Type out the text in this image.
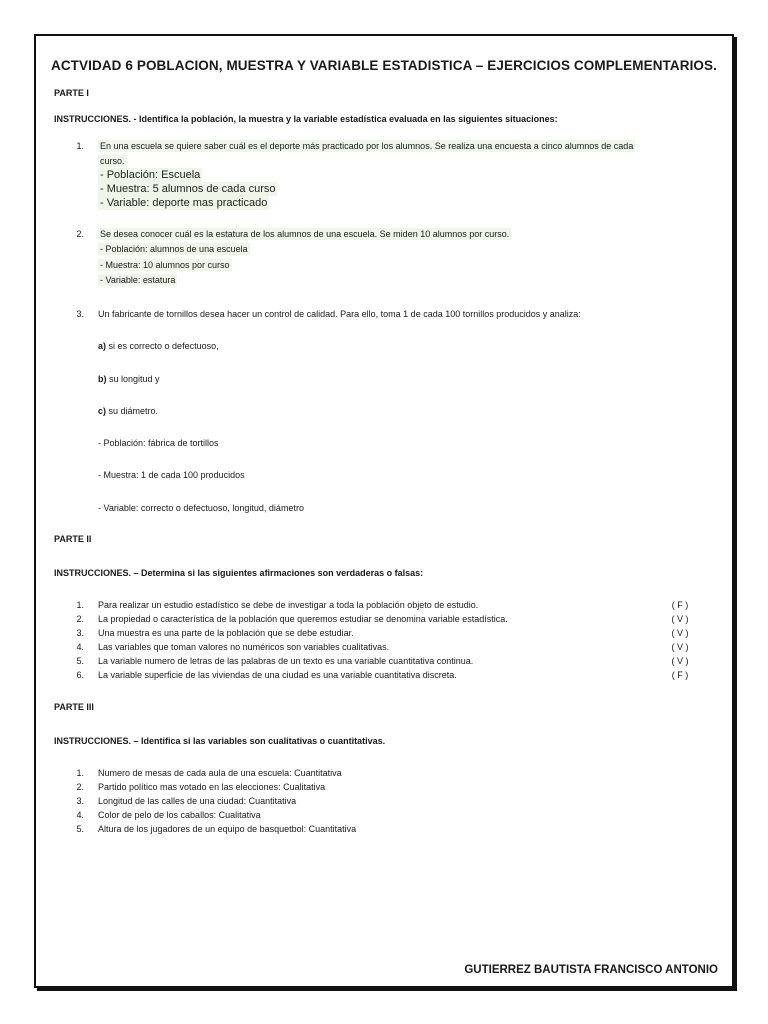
ACTVIDAD 6 POBLACION, MUESTRA Y VARIABLE ESTADISTICA – EJERCICIOS COMPLEMENTARIOS.
PARTE I
INSTRUCCIONES. - Identifica la población, la muestra y la variable estadística evaluada en las siguientes situaciones:
1. En una escuela se quiere saber cuál es el deporte más practicado por los alumnos. Se realiza una encuesta a cinco alumnos de cada
curso.
- Población: Escuela
- Muestra: 5 alumnos de cada curso
- Variable: deporte mas practicado
2. Se desea conocer cuál es la estatura de los alumnos de una escuela. Se miden 10 alumnos por curso.
- Población: alumnos de una escuela
- Muestra: 10 alumnos por curso
- Variable: estatura
3. Un fabricante de tornillos desea hacer un control de calidad. Para ello, toma 1 de cada 100 tornillos producidos y analiza:
a) si es correcto o defectuoso,
b) su longitud y
c) su diámetro.
- Población: fábrica de tortillos
- Muestra: 1 de cada 100 producidos
- Variable: correcto o defectuoso, longitud, diámetro
PARTE II
INSTRUCCIONES. – Determina si las siguientes afirmaciones son verdaderas o falsas:
1. Para realizar un estudio estadístico se debe de investigar a toda la población objeto de estudio.	( F )
2. La propiedad o característica de la población que queremos estudiar se denomina variable estadística.	( V )
3. Una muestra es una parte de la población que se debe estudiar.	( V )
4. Las variables que toman valores no numéricos son variables cualitativas.	( V )
5. La variable numero de letras de las palabras de un texto es una variable cuantitativa continua.	( V )
6. La variable superficie de las viviendas de una ciudad es una variable cuantitativa discreta.	( F )
PARTE III
INSTRUCCIONES. – Identifica si las variables son cualitativas o cuantitativas.
1. Numero de mesas de cada aula de una escuela: Cuantitativa
2. Partido político mas votado en las elecciones: Cualitativa
3. Longitud de las calles de una ciudad: Cuantitativa
4. Color de pelo de los caballos: Cualitativa
5. Altura de los jugadores de un equipo de basquetbol: Cuantitativa
GUTIERREZ BAUTISTA FRANCISCO ANTONIO
